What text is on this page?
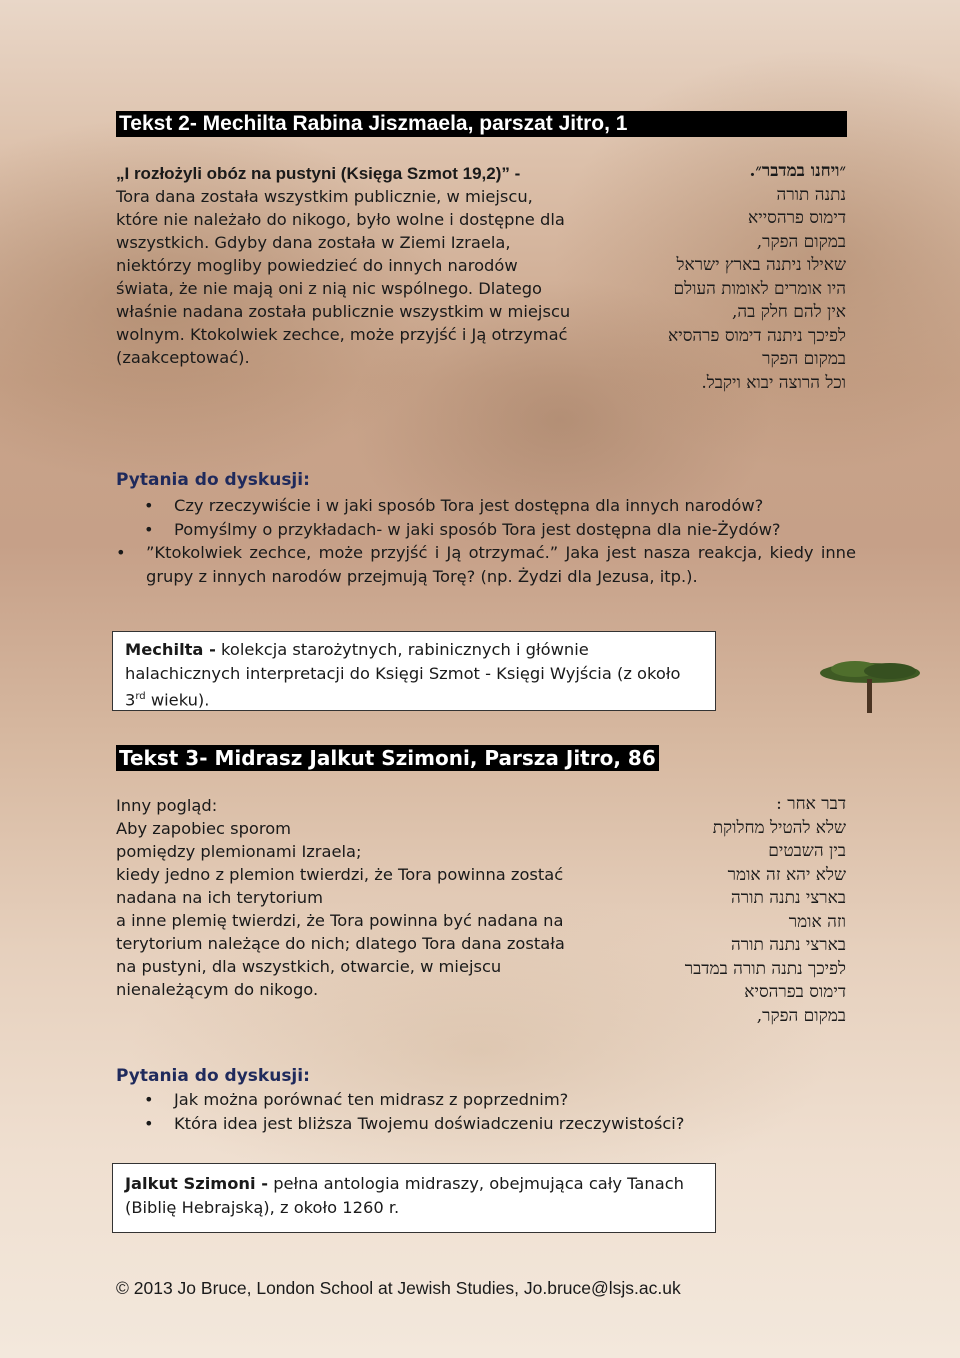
Tekst 2- Mechilta Rabina Jiszmaela, parszat Jitro, 1
„I rozłożyli obóz na pustyni (Księga Szmot 19,2)” -
Tora dana została wszystkim publicznie, w miejscu, które nie należało do nikogo, było wolne i dostępne dla wszystkich. Gdyby dana została w Ziemi Izraela, niektórzy mogliby powiedzieć do innych narodów świata, że nie mają oni z nią nic wspólnego. Dlatego właśnie nadana została publicznie wszystkim w miejscu wolnym. Ktokolwiek zechce, może przyjść i Ją otrzymać (zaakceptować).
״ויחנו במדבר״.
נתנה תורה
דימוס פרהסייא
במקום הפקר,
שאילו ניתנה בארץ ישראל
היו אומרים לאומות העולם
אין להם חלק בה,
לפיכך ניתנה דימוס פרהסיא
במקום הפקר
וכל הרוצה יבוא ויקבל.
Pytania do dyskusji:
• Czy rzeczywiście i w jaki sposób Tora jest dostępna dla innych narodów?
• Pomyślmy o przykładach- w jaki sposób Tora jest dostępna dla nie-Żydów?
• ”Ktokolwiek zechce, może przyjść i Ją otrzymać.” Jaka jest nasza reakcja, kiedy inne grupy z innych narodów przejmują Torę? (np. Żydzi dla Jezusa, itp.).
Mechilta - kolekcja starożytnych, rabinicznych i głównie halachicznych interpretacji do Księgi Szmot - Księgi Wyjścia (z około 3rd wieku).
Tekst 3- Midrasz Jalkut Szimoni, Parsza Jitro, 86
Inny pogląd:
Aby zapobiec sporom
pomiędzy plemionami Izraela;
kiedy jedno z plemion twierdzi, że Tora powinna zostać nadana na ich terytorium
a inne plemię twierdzi, że Tora powinna być nadana na terytorium należące do nich; dlatego Tora dana została na pustyni, dla wszystkich, otwarcie, w miejscu nienależącym do nikogo.
דבר אחר :
שלא להטיל מחלוקת
בין השבטים
שלא יהא זה אומר
בארצי נתנה תורה
וזה אומר
בארצי נתנה תורה
לפיכך נתנה תורה במדבר
דימוס בפרהסיא
במקום הפקר,
Pytania do dyskusji:
• Jak można porównać ten midrasz z poprzednim?
• Która idea jest bliższa Twojemu doświadczeniu rzeczywistości?
Jalkut Szimoni - pełna antologia midraszy, obejmująca cały Tanach (Biblię Hebrajską), z około 1260 r.
© 2013 Jo Bruce, London School at Jewish Studies, Jo.bruce@lsjs.ac.uk
